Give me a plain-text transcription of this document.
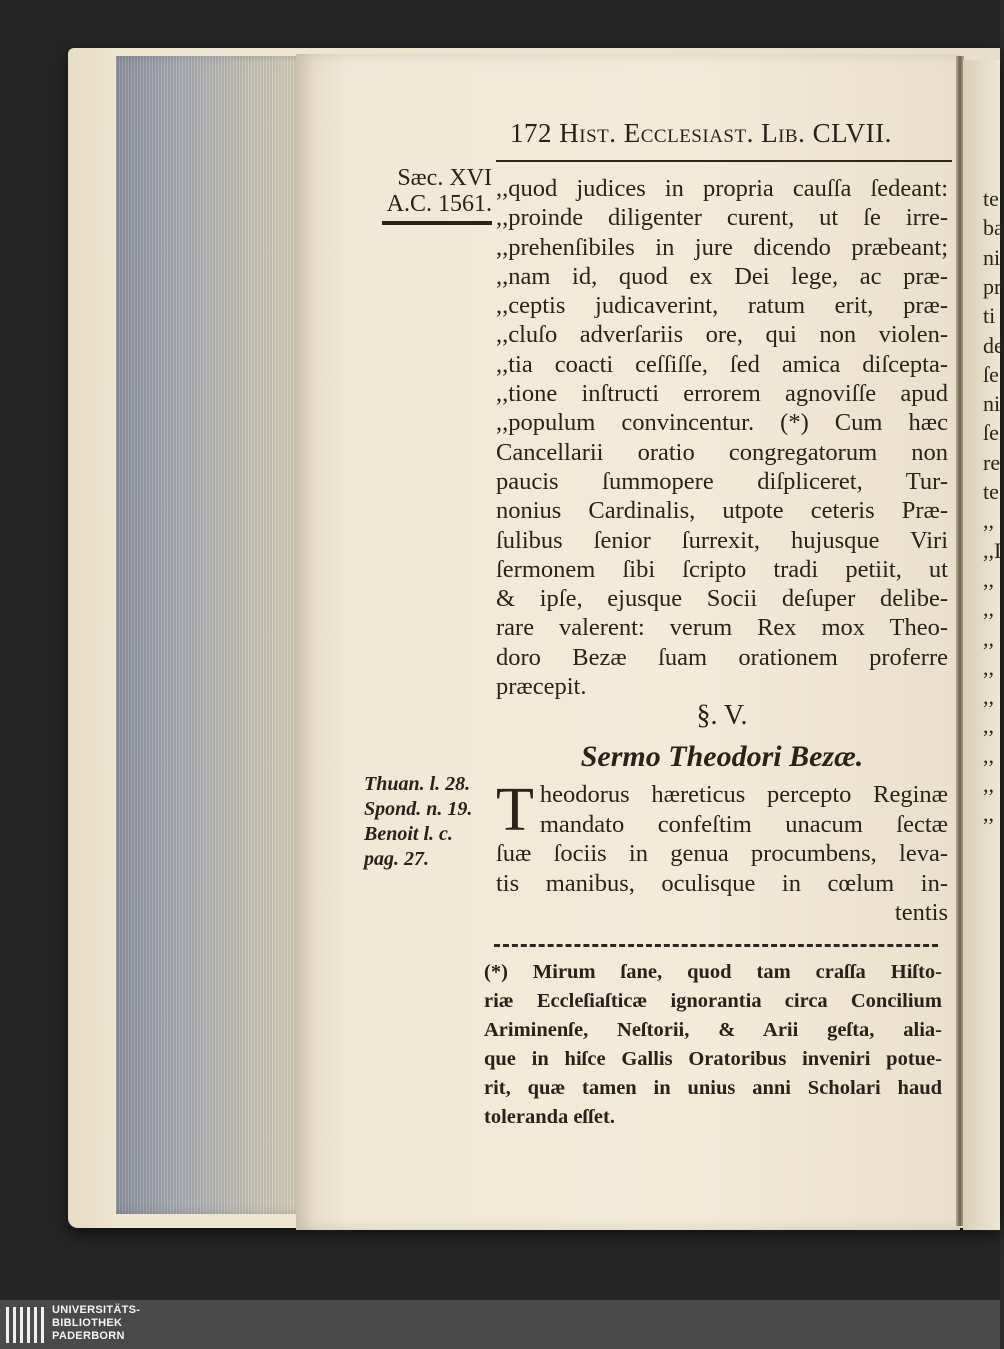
te
ba
ni
pr
ti
de
ſe
ni
ſe
re
te
,,
,,I
,,
,,
,,
,,
,,
,,
,,
,,
,,
172 Hist. Ecclesiast. Lib. CLVII.
Sæc. XVI
A.C. 1561.
,,quod judices in propria cauſſa ſedeant:
,,proinde diligenter curent, ut ſe irre-
,,prehenſibiles in jure dicendo præbeant;
,,nam id, quod ex Dei lege, ac præ-
,,ceptis judicaverint, ratum erit, præ-
,,cluſo adverſariis ore, qui non violen-
,,tia coacti ceſſiſſe, ſed amica diſcepta-
,,tione inſtructi errorem agnoviſſe apud
,,populum convincentur. (*) Cum hæc
Cancellarii oratio congregatorum non
paucis ſummopere diſpliceret, Tur-
nonius Cardinalis, utpote ceteris Præ-
ſulibus ſenior ſurrexit, hujusque Viri
ſermonem ſibi ſcripto tradi petiit, ut
& ipſe, ejusque Socii deſuper delibe-
rare valerent: verum Rex mox Theo-
doro Bezæ ſuam orationem proferre
præcepit.
§. V.
Sermo Theodori Bezæ.
Thuan. l. 28.
Spond. n. 19.
Benoit l. c.
pag. 27.
T heodorus hæreticus percepto Reginæ
mandato confeſtim unacum ſectæ
ſuæ ſociis in genua procumbens, leva-
tis manibus, oculisque in cœlum in-
tentis
(*) Mirum ſane, quod tam craſſa Hiſto-
riæ Eccleſiaſticæ ignorantia circa Concilium
Ariminenſe, Neſtorii, & Arii geſta, alia-
que in hiſce Gallis Oratoribus inveniri potue-
rit, quæ tamen in unius anni Scholari haud
toleranda eſſet.
UNIVERSITÄTS-
BIBLIOTHEK
PADERBORN
